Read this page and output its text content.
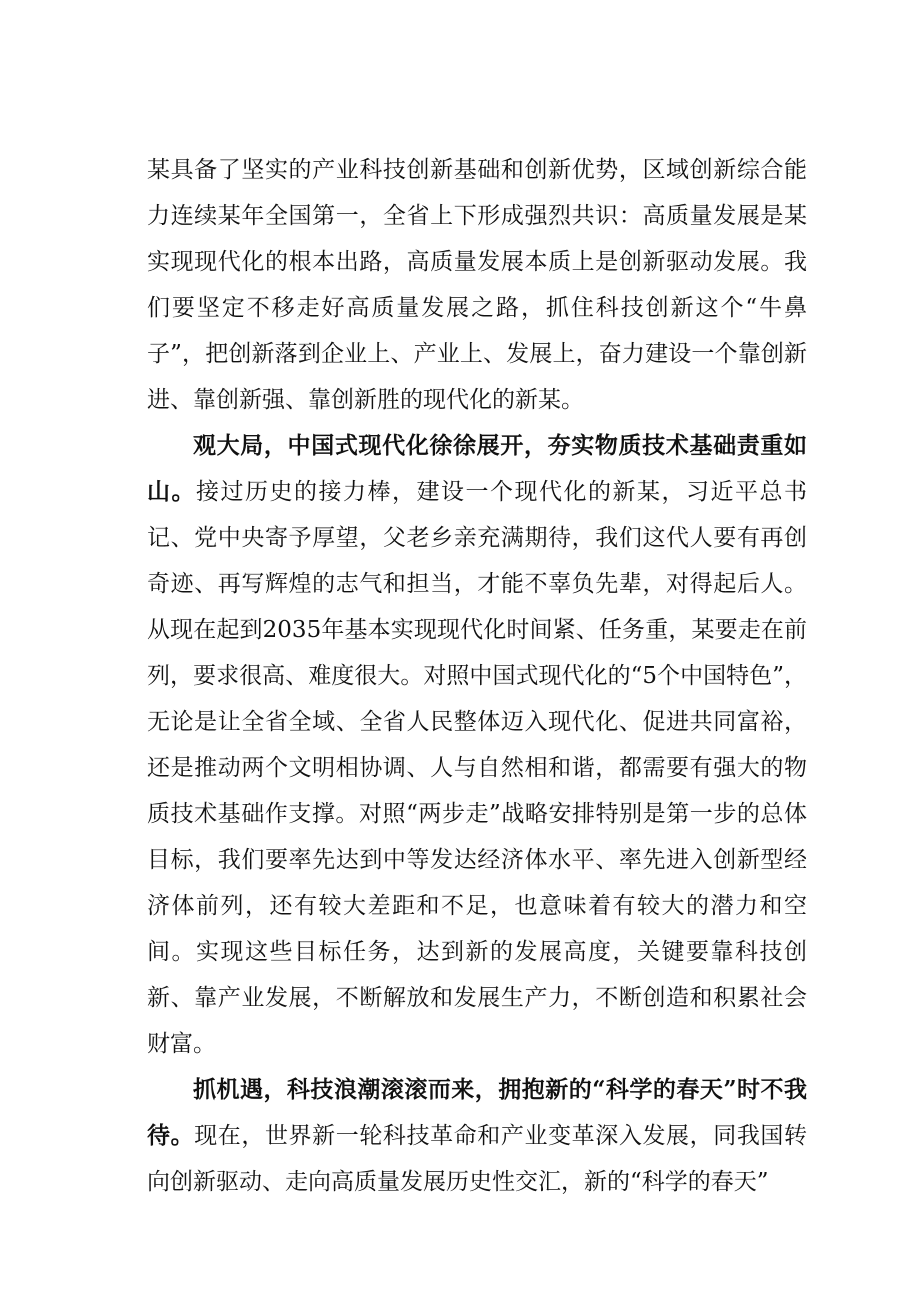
某具备了坚实的产业科技创新基础和创新优势，区域创新综合能力连续某年全国第一，全省上下形成强烈共识：高质量发展是某实现现代化的根本出路，高质量发展本质上是创新驱动发展。我们要坚定不移走好高质量发展之路，抓住科技创新这个“牛鼻子”，把创新落到企业上、产业上、发展上，奋力建设一个靠创新进、靠创新强、靠创新胜的现代化的新某。

观大局，中国式现代化徐徐展开，夯实物质技术基础责重如山。接过历史的接力棒，建设一个现代化的新某，习近平总书记、党中央寄予厚望，父老乡亲充满期待，我们这代人要有再创奇迹、再写辉煌的志气和担当，才能不辜负先辈，对得起后人。从现在起到2035年基本实现现代化时间紧、任务重，某要走在前列，要求很高、难度很大。对照中国式现代化的“5个中国特色”，无论是让全省全域、全省人民整体迈入现代化、促进共同富裕，还是推动两个文明相协调、人与自然相和谐，都需要有强大的物质技术基础作支撑。对照“两步走”战略安排特别是第一步的总体目标，我们要率先达到中等发达经济体水平、率先进入创新型经济体前列，还有较大差距和不足，也意味着有较大的潜力和空间。实现这些目标任务，达到新的发展高度，关键要靠科技创新、靠产业发展，不断解放和发展生产力，不断创造和积累社会财富。

抓机遇，科技浪潮滚滚而来，拥抱新的“科学的春天”时不我待。现在，世界新一轮科技革命和产业变革深入发展，同我国转向创新驱动、走向高质量发展历史性交汇，新的“科学的春天”
